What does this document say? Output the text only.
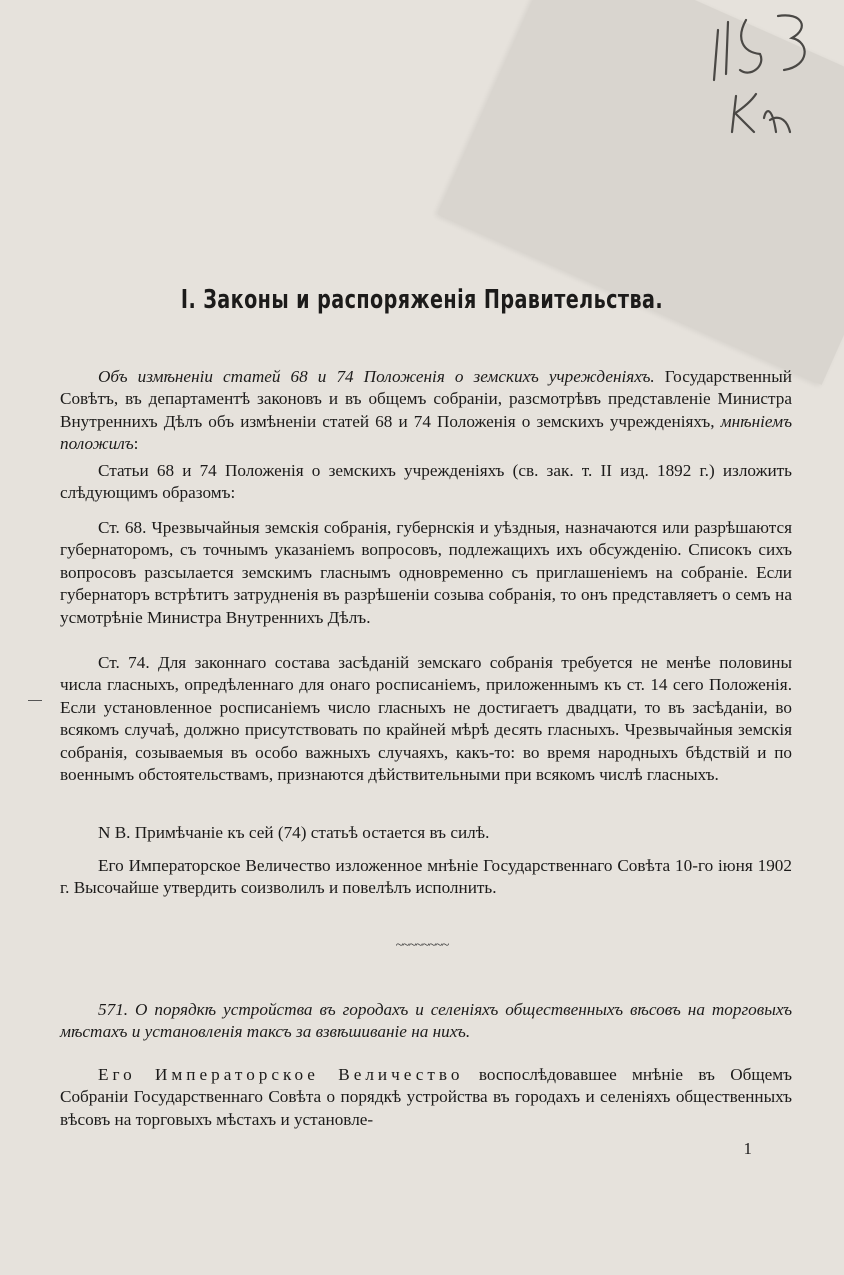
I. Законы и распоряженія Правительства.

Объ измѣненіи статей 68 и 74 Положенія о земскихъ учрежденіяхъ. Государственный Совѣтъ, въ департаментѣ законовъ и въ общемъ собраніи, разсмотрѣвъ представленіе Министра Внутреннихъ Дѣлъ объ измѣненіи статей 68 и 74 Положенія о земскихъ учрежденіяхъ, мнѣніемъ положилъ:

Статьи 68 и 74 Положенія о земскихъ учрежденіяхъ (св. зак. т. II изд. 1892 г.) изложить слѣдующимъ образомъ:

Ст. 68. Чрезвычайныя земскія собранія, губернскія и уѣздныя, назначаются или разрѣшаются губернаторомъ, съ точнымъ указаніемъ вопросовъ, подлежащихъ ихъ обсужденію. Списокъ сихъ вопросовъ разсылается земскимъ гласнымъ одновременно съ приглашеніемъ на собраніе. Если губернаторъ встрѣтитъ затрудненія въ разрѣшеніи созыва собранія, то онъ представляетъ о семъ на усмотрѣніе Министра Внутреннихъ Дѣлъ.

Ст. 74. Для законнаго состава засѣданій земскаго собранія требуется не менѣе половины числа гласныхъ, опредѣленнаго для онаго росписаніемъ, приложеннымъ къ ст. 14 сего Положенія. Если установленное росписаніемъ число гласныхъ не достигаетъ двадцати, то въ засѣданіи, во всякомъ случаѣ, должно присутствовать по крайней мѣрѣ десять гласныхъ. Чрезвычайныя земскія собранія, созываемыя въ особо важныхъ случаяхъ, какъ-то: во время народныхъ бѣдствій и по военнымъ обстоятельствамъ, признаются дѣйствительными при всякомъ числѣ гласныхъ.

N B. Примѣчаніе къ сей (74) статьѣ остается въ силѣ.

Его Императорское Величество изложенное мнѣніе Государственнаго Совѣта 10-го іюня 1902 г. Высочайше утвердить соизволилъ и повелѣлъ исполнить.

~~~~~~~~

571. О порядкѣ устройства въ городахъ и селеніяхъ общественныхъ вѣсовъ на торговыхъ мѣстахъ и установленія таксъ за взвѣшиваніе на нихъ.

Его Императорское Величество воспослѣдовавшее мнѣніе въ Общемъ Собраніи Государственнаго Совѣта о порядкѣ устройства въ городахъ и селеніяхъ общественныхъ вѣсовъ на торговыхъ мѣстахъ и установле-

1
